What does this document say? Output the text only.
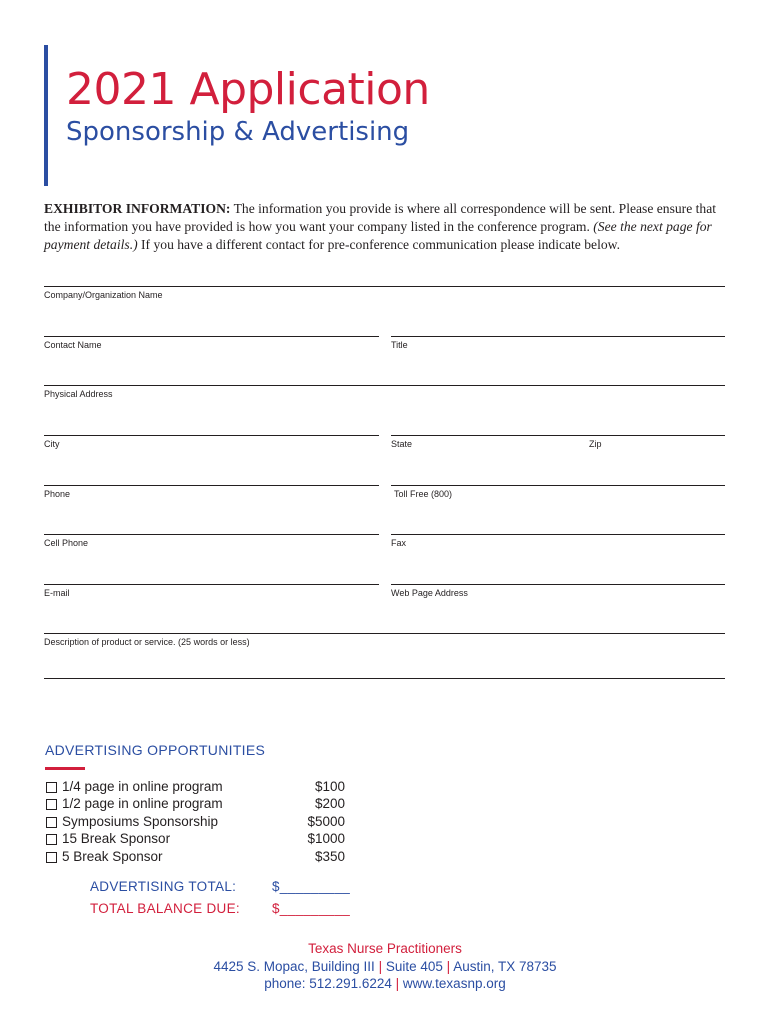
2021 Application
Sponsorship & Advertising
EXHIBITOR INFORMATION: The information you provide is where all correspondence will be sent. Please ensure that the information you have provided is how you want your company listed in the conference program. (See the next page for payment details.) If you have a different contact for pre-conference communication please indicate below.
Company/Organization Name
Contact Name	Title
Physical Address
City	State	Zip
Phone	Toll Free (800)
Cell Phone	Fax
E-mail	Web Page Address
Description of product or service. (25 words or less)
ADVERTISING OPPORTUNITIES
1/4 page in online program	$100
1/2 page in online program	$200
Symposiums Sponsorship	$5000
15 Break Sponsor	$1000
5 Break Sponsor	$350
ADVERTISING TOTAL:	$_________
TOTAL BALANCE DUE: $_________
Texas Nurse Practitioners
4425 S. Mopac, Building III | Suite 405 | Austin, TX 78735
phone: 512.291.6224 | www.texasnp.org
